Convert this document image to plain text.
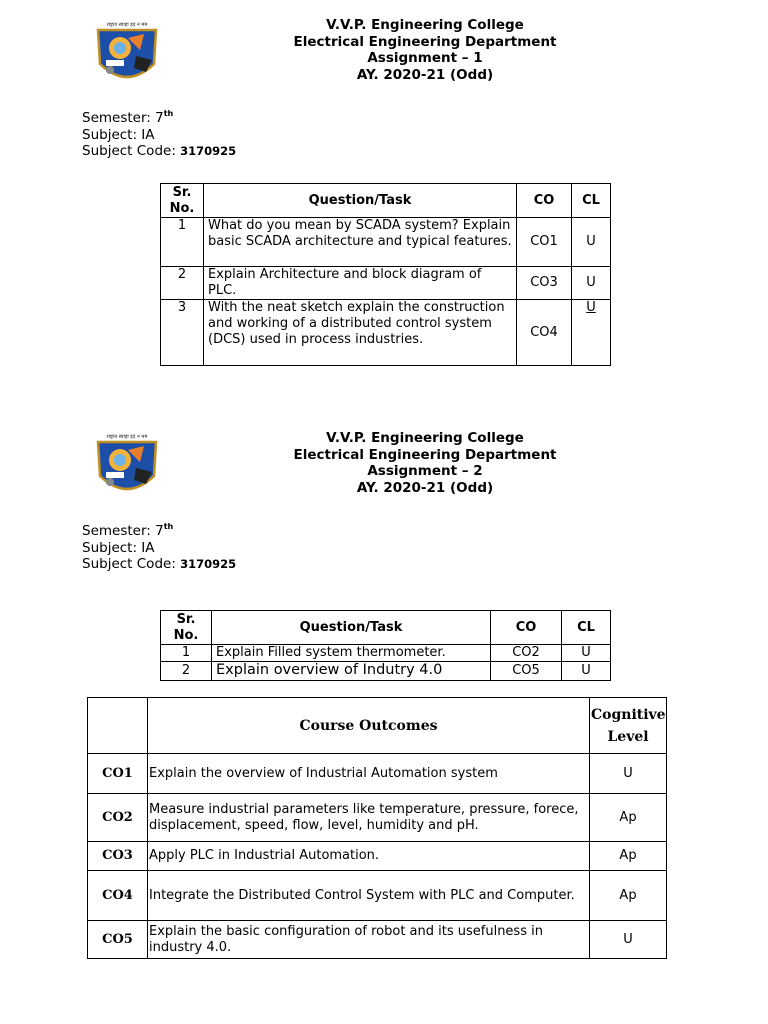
राष्ट्राय स्वाहा इदं न मम	V.V.P. Engineering College
Electrical Engineering Department
Assignment – 1
AY. 2020-21 (Odd)
Semester: 7th
Subject: IA
Subject Code: 3170925
Sr.
No.	Question/Task	CO	CL
1	What do you mean by SCADA system? Explain basic SCADA architecture and typical features.	CO1	U
2	Explain Architecture and block diagram of PLC.	CO3	U
3	With the neat sketch explain the construction and working of a distributed control system (DCS) used in process industries.	CO4	U
राष्ट्राय स्वाहा इदं न मम	V.V.P. Engineering College
Electrical Engineering Department
Assignment – 2
AY. 2020-21 (Odd)
Semester: 7th
Subject: IA
Subject Code: 3170925
Sr.
No.	Question/Task	CO	CL
1	Explain Filled system thermometer.	CO2	U
2	Explain overview of Indutry 4.0	CO5	U
	Course Outcomes	Cognitive Level
CO1	Explain the overview of Industrial Automation system	U
CO2	Measure industrial parameters like temperature, pressure, forece, displacement, speed, flow, level, humidity and pH.	Ap
CO3	Apply PLC in Industrial Automation.	Ap
CO4	Integrate the Distributed Control System with PLC and Computer.	Ap
CO5	Explain the basic configuration of robot and its usefulness in industry 4.0.	U
